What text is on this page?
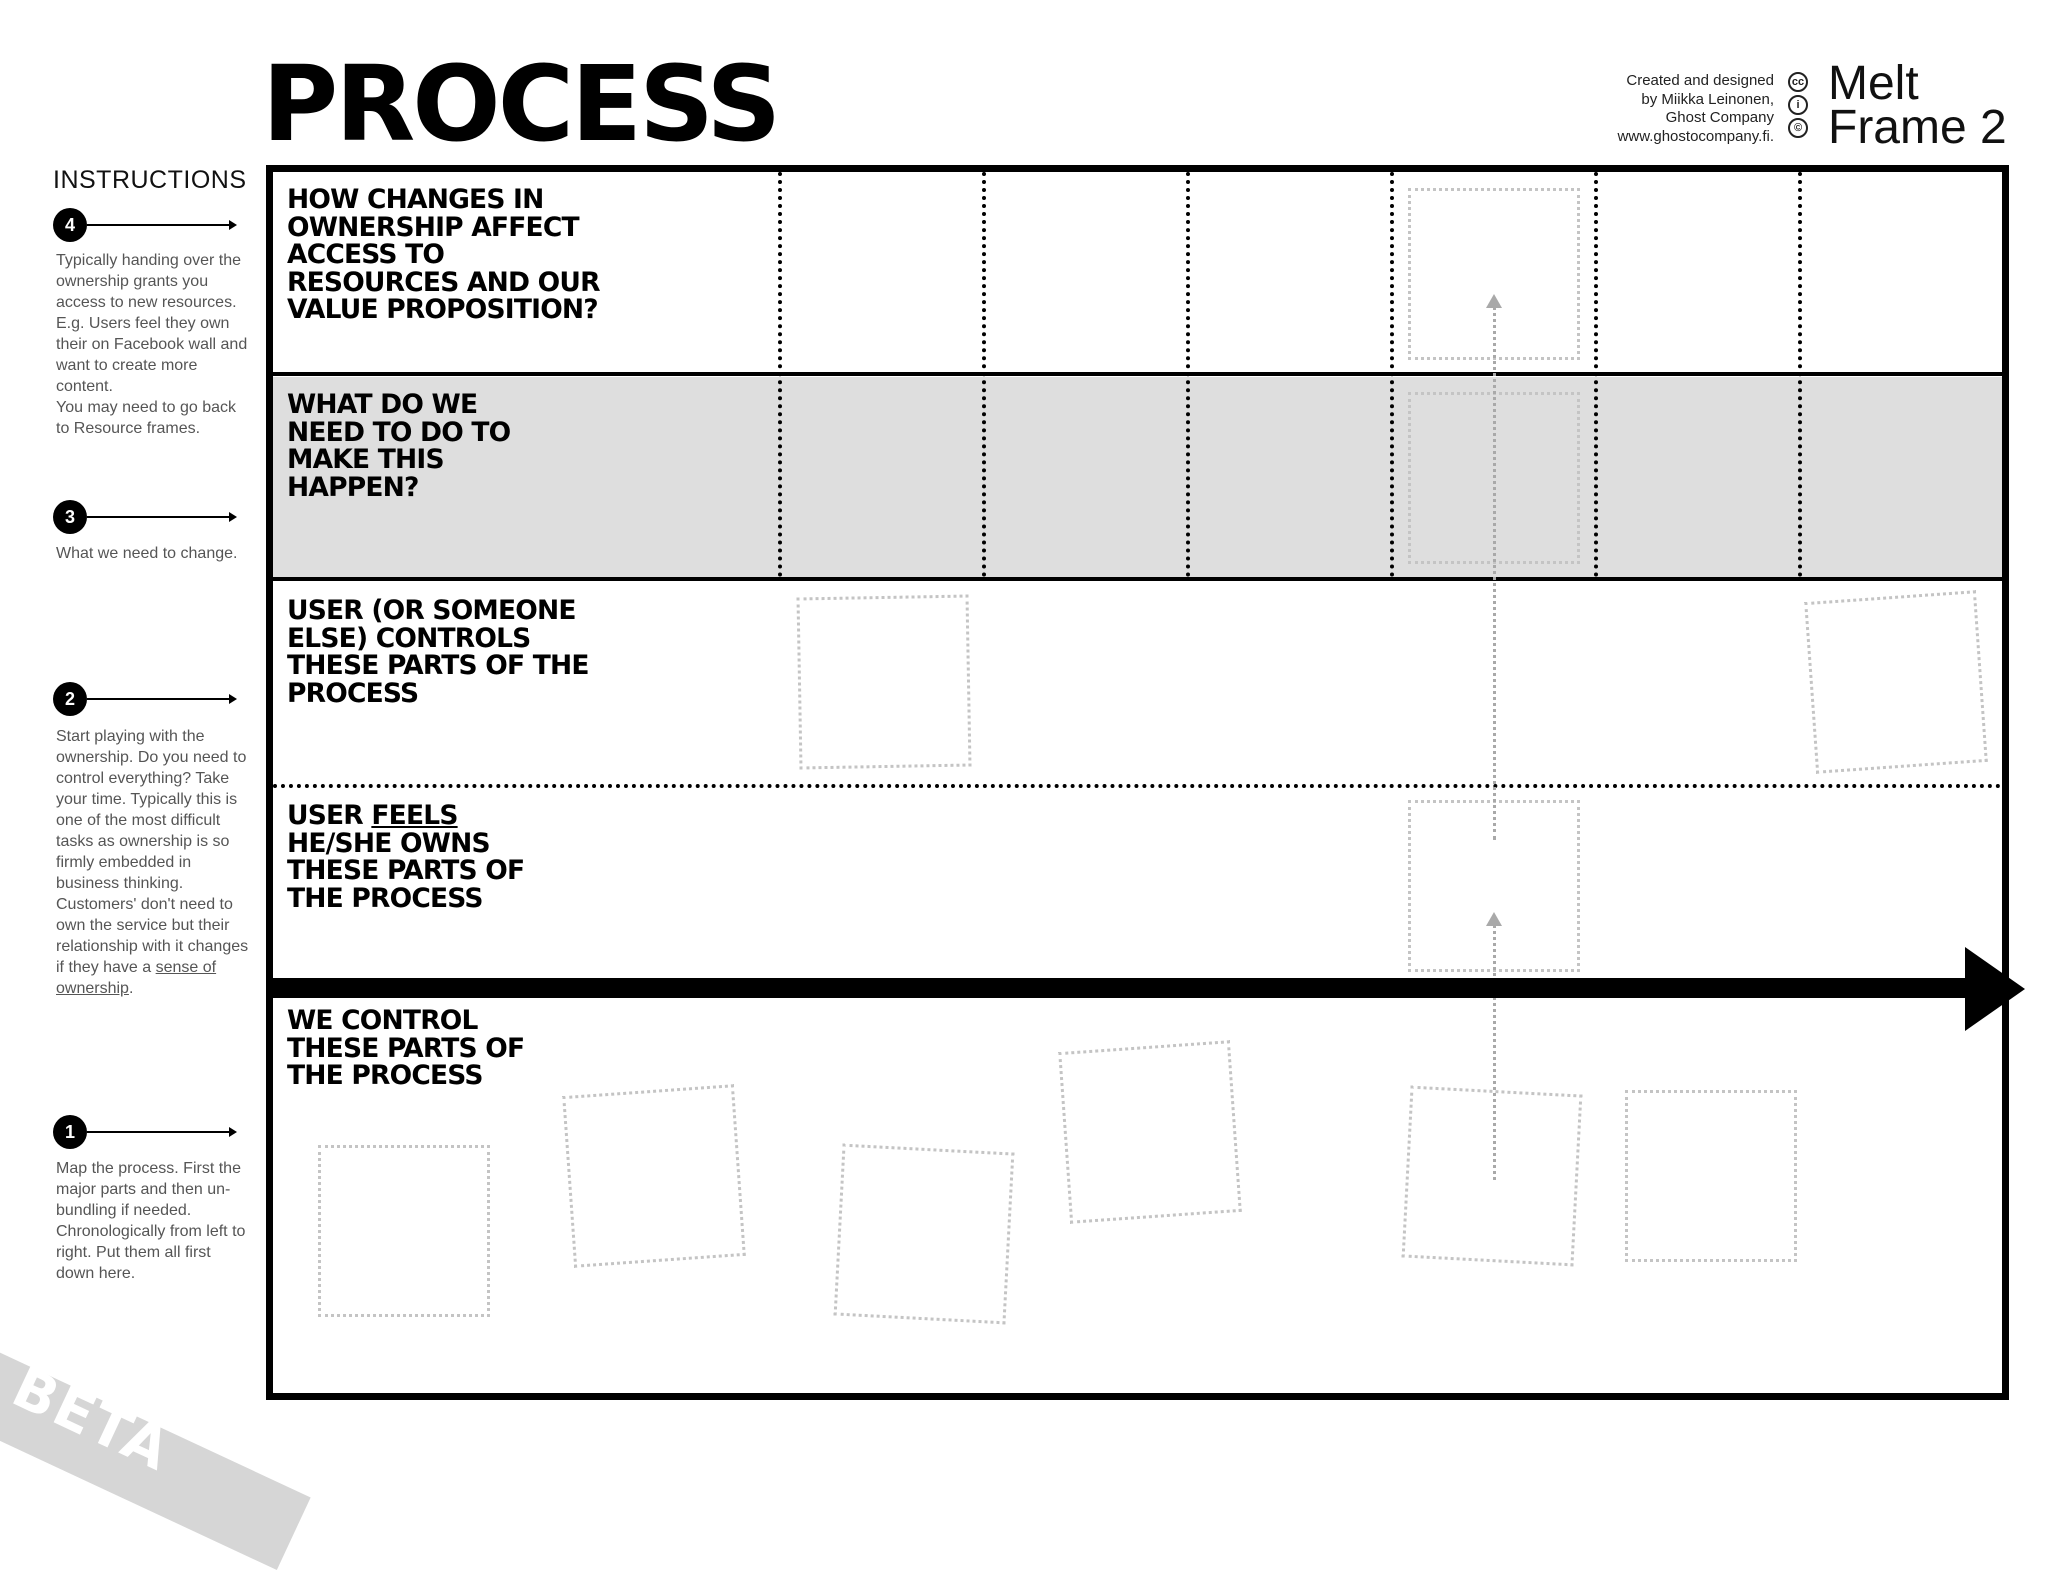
PROCESS	Created and designed
by Miikka Leinonen,
Ghost Company
www.ghostocompany.fi.
cc
i
©
Melt
Frame 2
INSTRUCTIONS
4
Typically handing over the ownership grants you access to new resources.
E.g. Users feel they own their on Facebook wall and want to create more content.
You may need to go back to Resource frames.
3
What we need to change.
2
Start playing with the ownership. Do you need to control everything? Take your time. Typically this is one of the most difficult tasks as ownership is so firmly embedded in business thinking. Customers' don't need to own the service but their relationship with it changes if they have a sense of ownership.
1
Map the process. First the major parts and then un-bundling if needed. Chronologically from left to right. Put them all first down here.
HOW CHANGES IN OWNERSHIP AFFECT ACCESS TO RESOURCES AND OUR VALUE PROPOSITION?
WHAT DO WE NEED TO DO TO MAKE THIS HAPPEN?
USER (OR SOMEONE ELSE) CONTROLS THESE PARTS OF THE PROCESS
USER FEELS
HE/SHE OWNS THESE PARTS OF THE PROCESS
WE CONTROL THESE PARTS OF THE PROCESS
BETA
